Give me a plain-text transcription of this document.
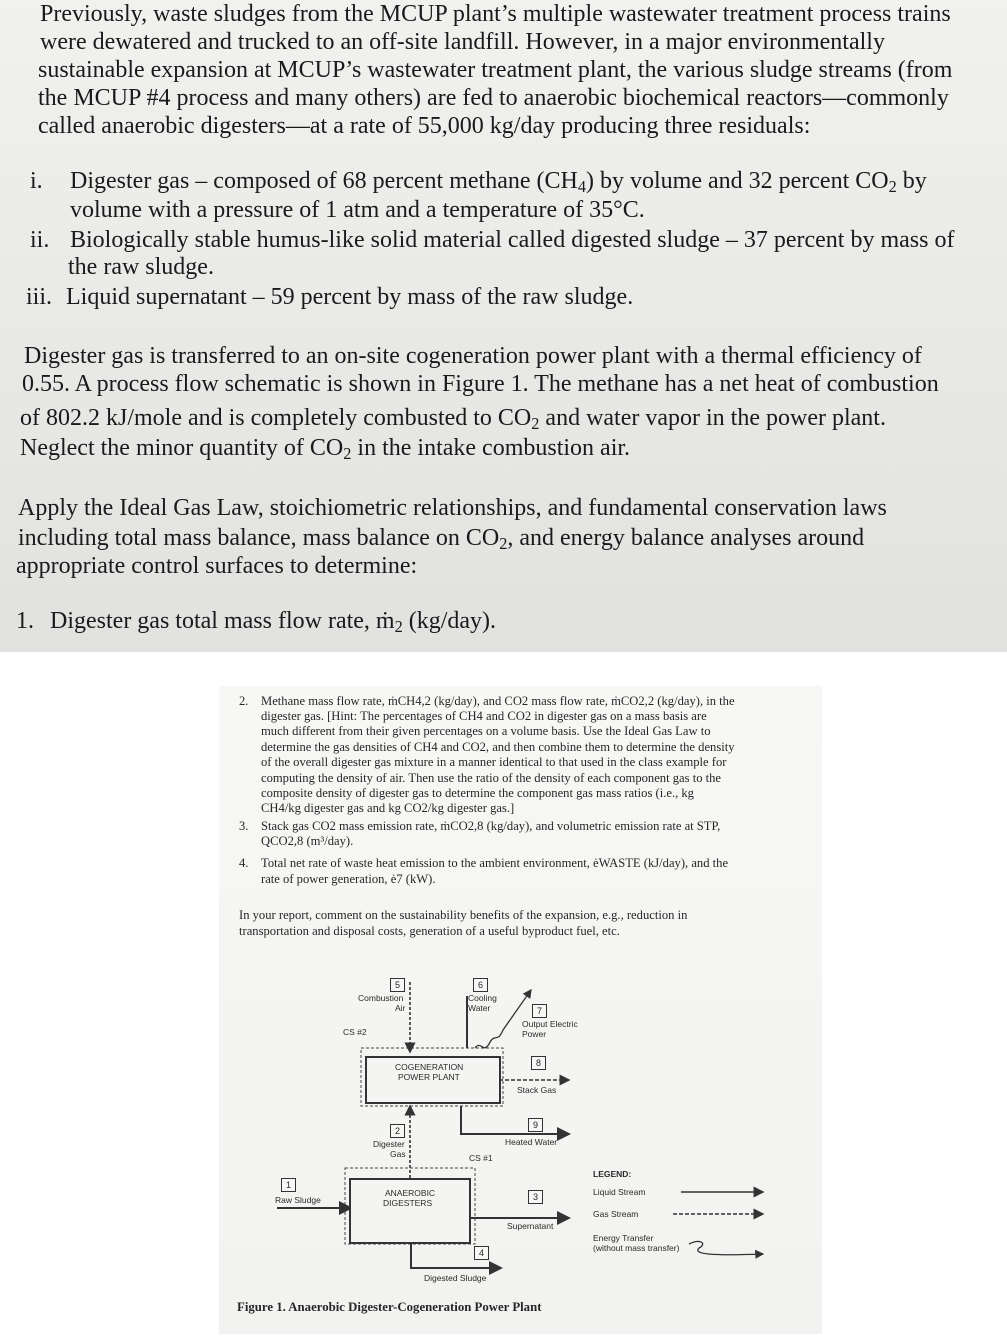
Previously, waste sludges from the MCUP plant’s multiple wastewater treatment process trains

were dewatered and trucked to an off-site landfill. However, in a major environmentally

sustainable expansion at MCUP’s wastewater treatment plant, the various sludge streams (from

the MCUP #4 process and many others) are fed to anaerobic biochemical reactors—commonly

called anaerobic digesters—at a rate of 55,000 kg/day producing three residuals:

i. Digester gas – composed of 68 percent methane $(CH_4)$ by volume and 32 percent $CO_2$ by
volume with a pressure of 1 atm and a temperature of 35°C.
ii. Biologically stable humus-like solid material called digested sludge – 37 percent by mass of
the raw sludge.
iii. Liquid supernatant – 59 percent by mass of the raw sludge.

Digester gas is transferred to an on-site cogeneration power plant with a thermal efficiency of

0.55. A process flow schematic is shown in Figure 1. The methane has a net heat of combustion

of 802.2 kJ/mole and is completely combusted to $CO_2$ and water vapor in the power plant.

Neglect the minor quantity of $CO_2$ in the intake combustion air.

Apply the Ideal Gas Law, stoichiometric relationships, and fundamental conservation laws

including total mass balance, mass balance on $CO_2$, and energy balance analyses around

appropriate control surfaces to determine:

1. Digester gas total mass flow rate, ṁ$_2$ (kg/day).

2. Methane mass flow rate, ṁCH4,2 (kg/day), and CO2 mass flow rate, ṁCO2,2 (kg/day), in the

digester gas. [Hint: The percentages of CH4 and CO2 in digester gas on a mass basis are

much different from their given percentages on a volume basis. Use the Ideal Gas Law to

determine the gas densities of CH4 and CO2, and then combine them to determine the density

of the overall digester gas mixture in a manner identical to that used in the class example for

computing the density of air. Then use the ratio of the density of each component gas to the

composite density of digester gas to determine the component gas mass ratios (i.e., kg

CH4/kg digester gas and kg CO2/kg digester gas.]

3. Stack gas CO2 mass emission rate, ṁCO2,8 (kg/day), and volumetric emission rate at STP,

QCO2,8 (m³/day).

4. Total net rate of waste heat emission to the ambient environment, ėWASTE (kJ/day), and the

rate of power generation, ė7 (kW).

In your report, comment on the sustainability benefits of the expansion, e.g., reduction in

transportation and disposal costs, generation of a useful byproduct fuel, etc.

COGENERATION
POWER PLANT
ANAEROBIC
DIGESTERS
CS #2
CS #1
5
Combustion
Air
6
Cooling
Water	7
Output Electric
Power
8
Stack Gas
9
Heated Water
2
Digester
Gas
1
Raw Sludge	3
Supernatant
4
Digested Sludge
LEGEND:
Liquid Stream
Gas Stream
Energy Transfer
(without mass transfer)
Figure 1. Anaerobic Digester-Cogeneration Power Plant
